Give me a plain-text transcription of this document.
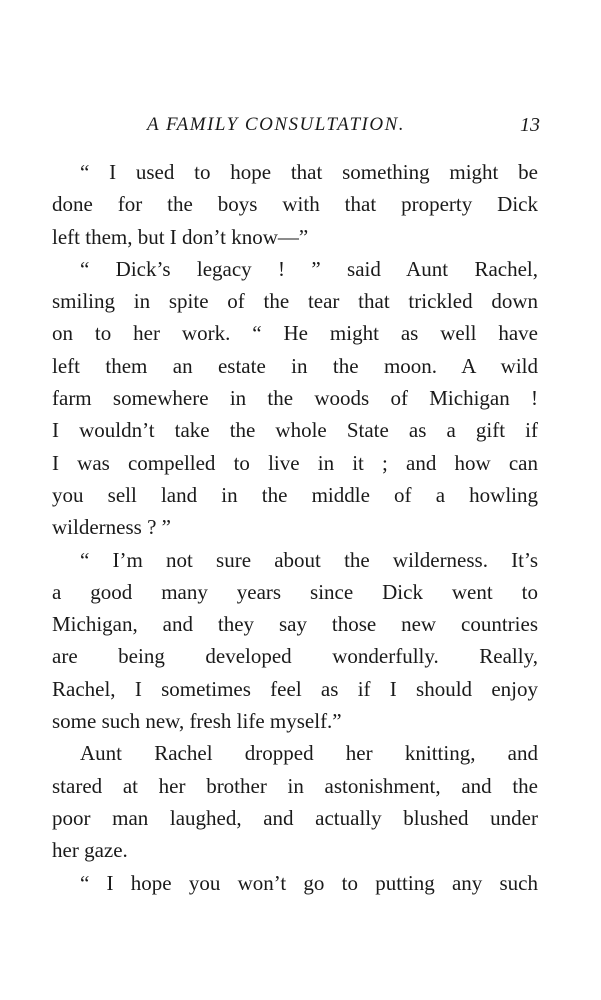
A FAMILY CONSULTATION.	13
“ I used to hope that something might be
done for the boys with that property Dick
left them, but I don’t know—”
“ Dick’s legacy ! ” said Aunt Rachel,
smiling in spite of the tear that trickled down
on to her work. “ He might as well have
left them an estate in the moon. A wild
farm somewhere in the woods of Michigan !
I wouldn’t take the whole State as a gift if
I was compelled to live in it ; and how can
you sell land in the middle of a howling
wilderness ? ”
“ I’m not sure about the wilderness. It’s
a good many years since Dick went to
Michigan, and they say those new countries
are being developed wonderfully. Really,
Rachel, I sometimes feel as if I should enjoy
some such new, fresh life myself.”
Aunt Rachel dropped her knitting, and
stared at her brother in astonishment, and the
poor man laughed, and actually blushed under
her gaze.
“ I hope you won’t go to putting any such
